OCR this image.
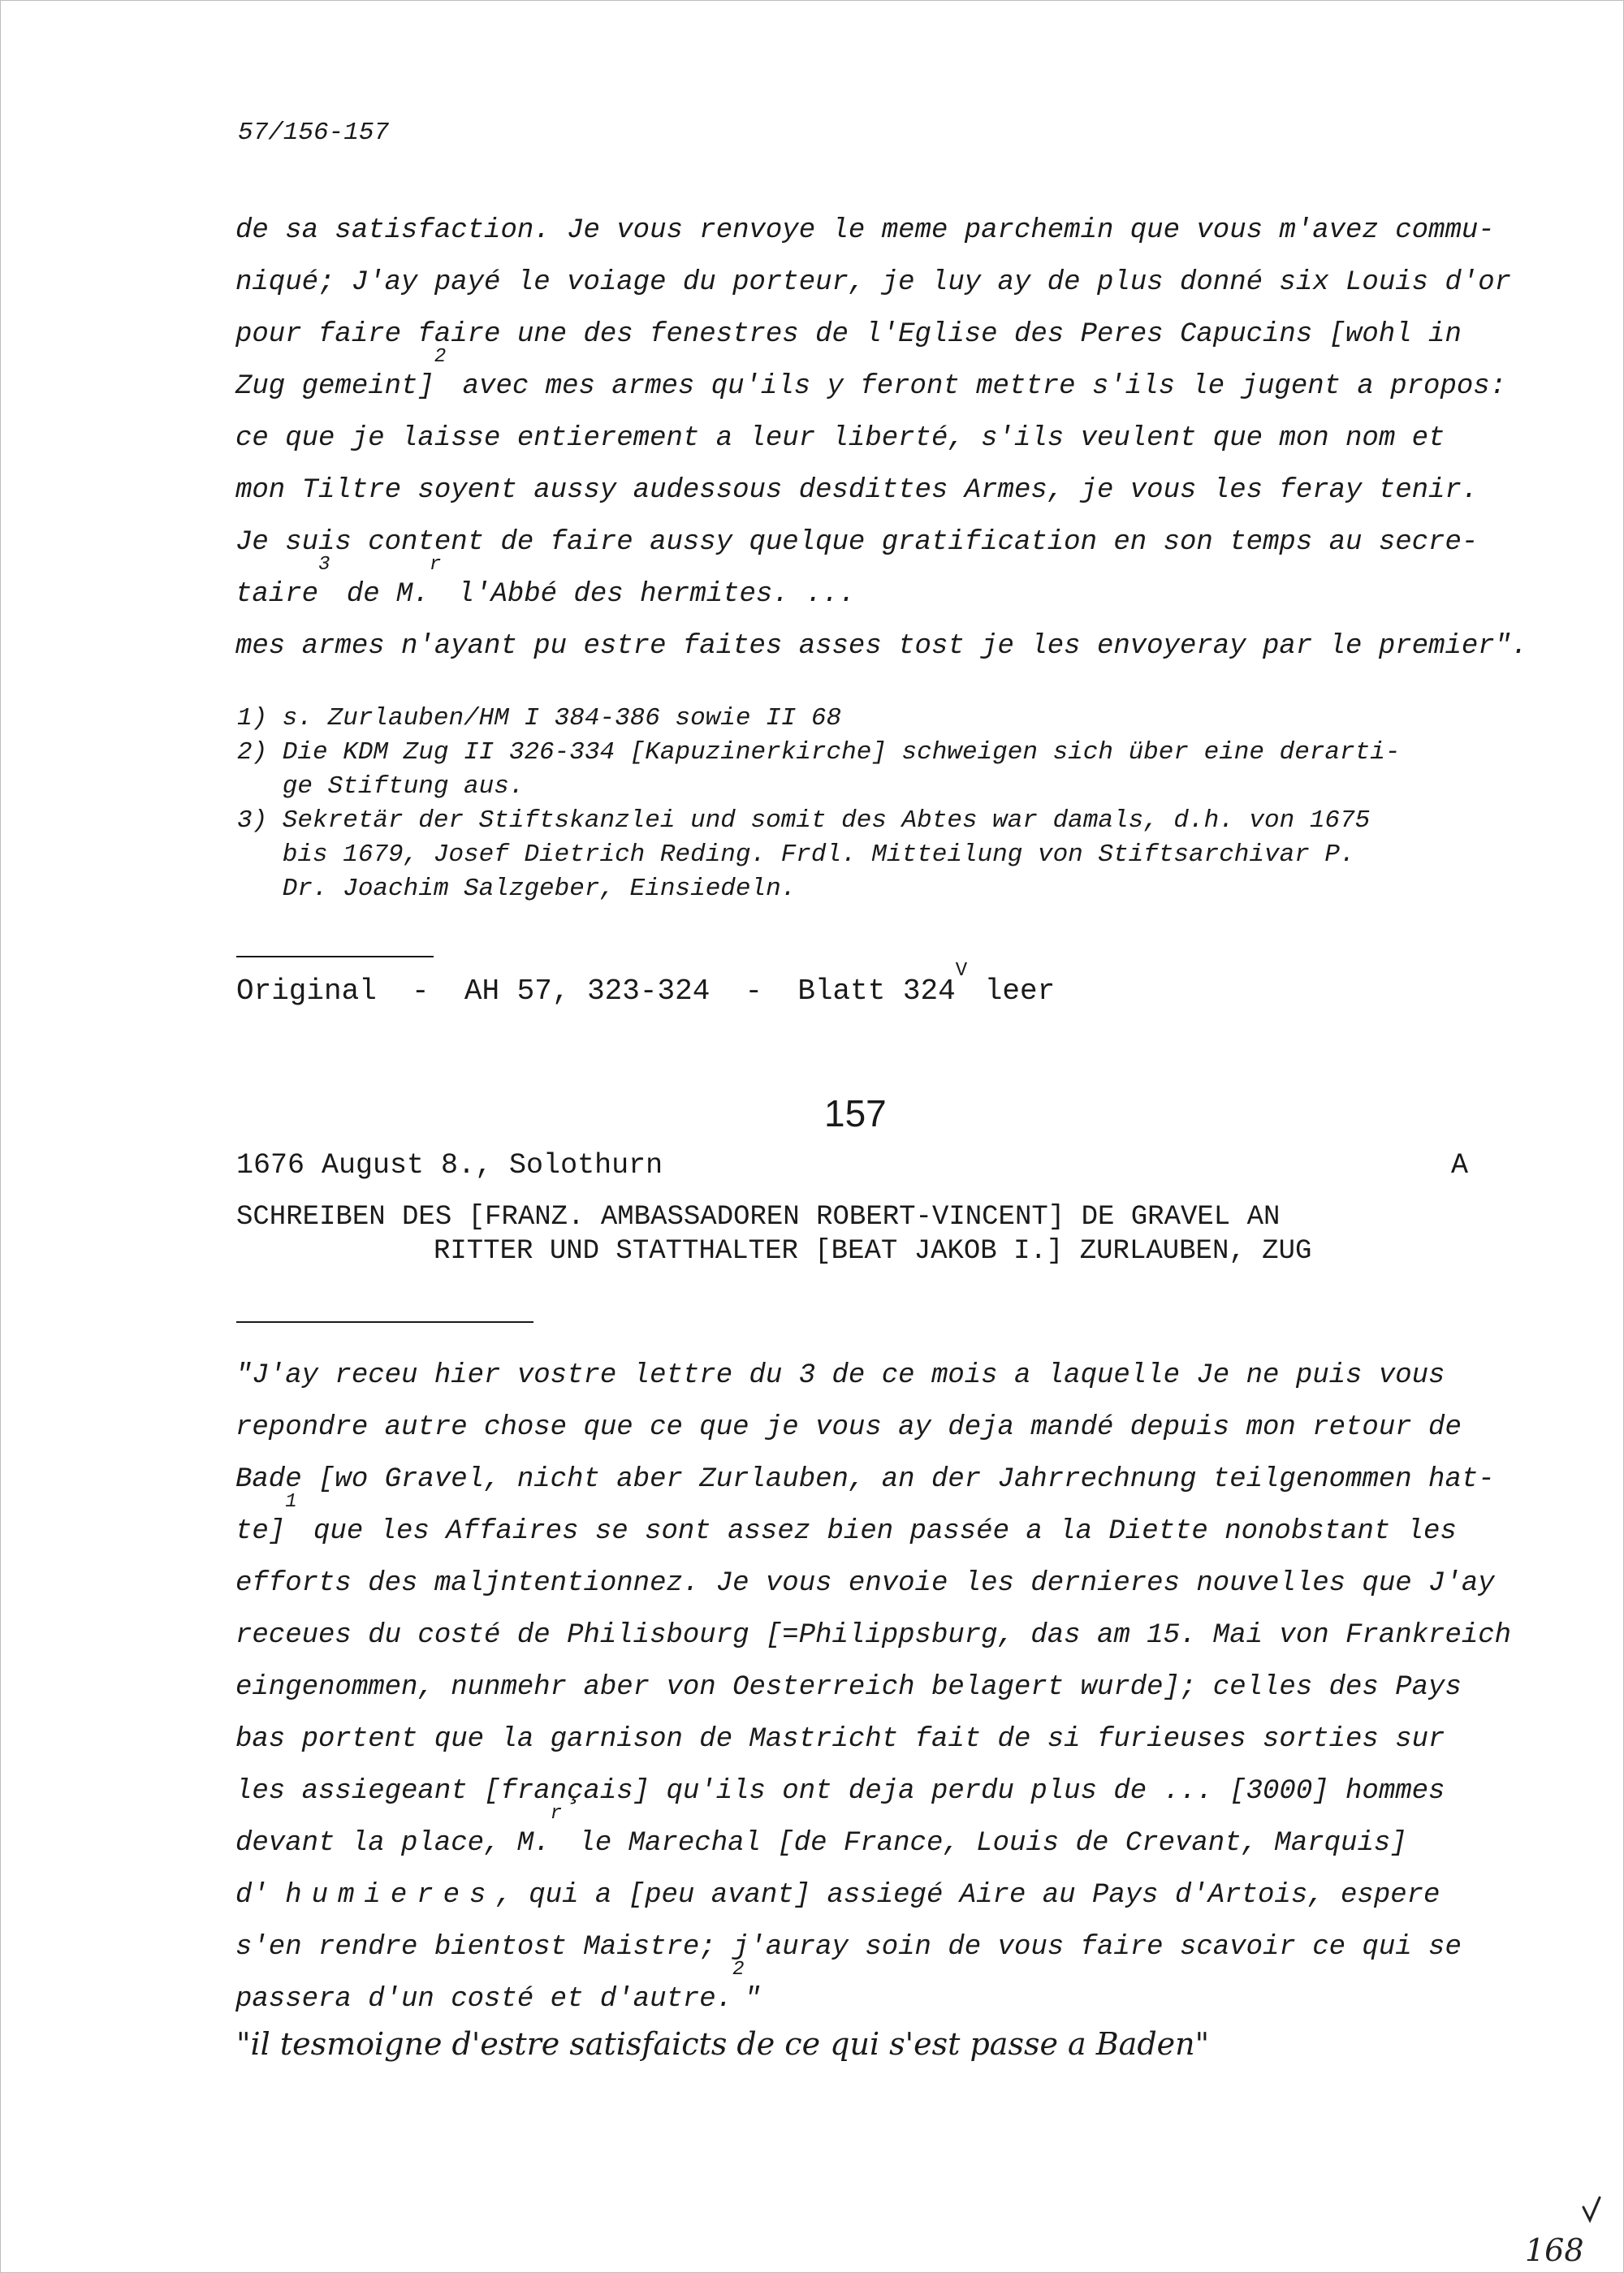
57/156-157
de sa satisfaction. Je vous renvoye le meme parchemin que vous m'avez commu-
niqué; J'ay payé le voiage du porteur, je luy ay de plus donné six Louis d'or
pour faire faire une des fenestres de l'Eglise des Peres Capucins [wohl in
Zug gemeint]$^2$ avec mes armes qu'ils y feront mettre s'ils le jugent a propos:
ce que je laisse entierement a leur liberté, s'ils veulent que mon nom et
mon Tiltre soyent aussy audessous desdittes Armes, je vous les feray tenir.
Je suis content de faire aussy quelque gratification en son temps au secre-
taire$^3$ de M.$^r$ l'Abbé des hermites. ...
mes armes n'ayant pu estre faites asses tost je les envoyeray par le premier".
1) s. Zurlauben/HM I 384-386 sowie II 68
2) Die KDM Zug II 326-334 [Kapuzinerkirche] schweigen sich über eine derarti-
ge Stiftung aus.
3) Sekretär der Stiftskanzlei und somit des Abtes war damals, d.h. von 1675
bis 1679, Josef Dietrich Reding. Frdl. Mitteilung von Stiftsarchivar P.
Dr. Joachim Salzgeber, Einsiedeln.
Original  -  AH 57, 323-324  -  Blatt $324^V$ leer
157
1676 August 8., Solothurn	A
SCHREIBEN DES [FRANZ. AMBASSADOREN ROBERT-VINCENT] DE GRAVEL AN
RITTER UND STATTHALTER [BEAT JAKOB I.] ZURLAUBEN, ZUG
"J'ay receu hier vostre lettre du 3 de ce mois a laquelle Je ne puis vous
repondre autre chose que ce que je vous ay deja mandé depuis mon retour de
Bade [wo Gravel, nicht aber Zurlauben, an der Jahrrechnung teilgenommen hat-
te]$^1$ que les Affaires se sont assez bien passée a la Diette nonobstant les
efforts des maljntentionnez. Je vous envoie les dernieres nouvelles que J'ay
receues du costé de Philisbourg [=Philippsburg, das am 15. Mai von Frankreich
eingenommen, nunmehr aber von Oesterreich belagert wurde]; celles des Pays
bas portent que la garnison de Mastricht fait de si furieuses sorties sur
les assiegeant [français] qu'ils ont deja perdu plus de ... [3000] hommes
devant la place, M.$^r$ le Marechal [de France, Louis de Crevant, Marquis]
d' humieres, qui a [peu avant] assiegé Aire au Pays d'Artois, espere
s'en rendre bientost Maistre; j'auray soin de vous faire scavoir ce qui se
passera d'un costé et d'autre.$^2$"
"il tesmoigne d'estre satisfaicts de ce qui s'est passe a Baden"
168
